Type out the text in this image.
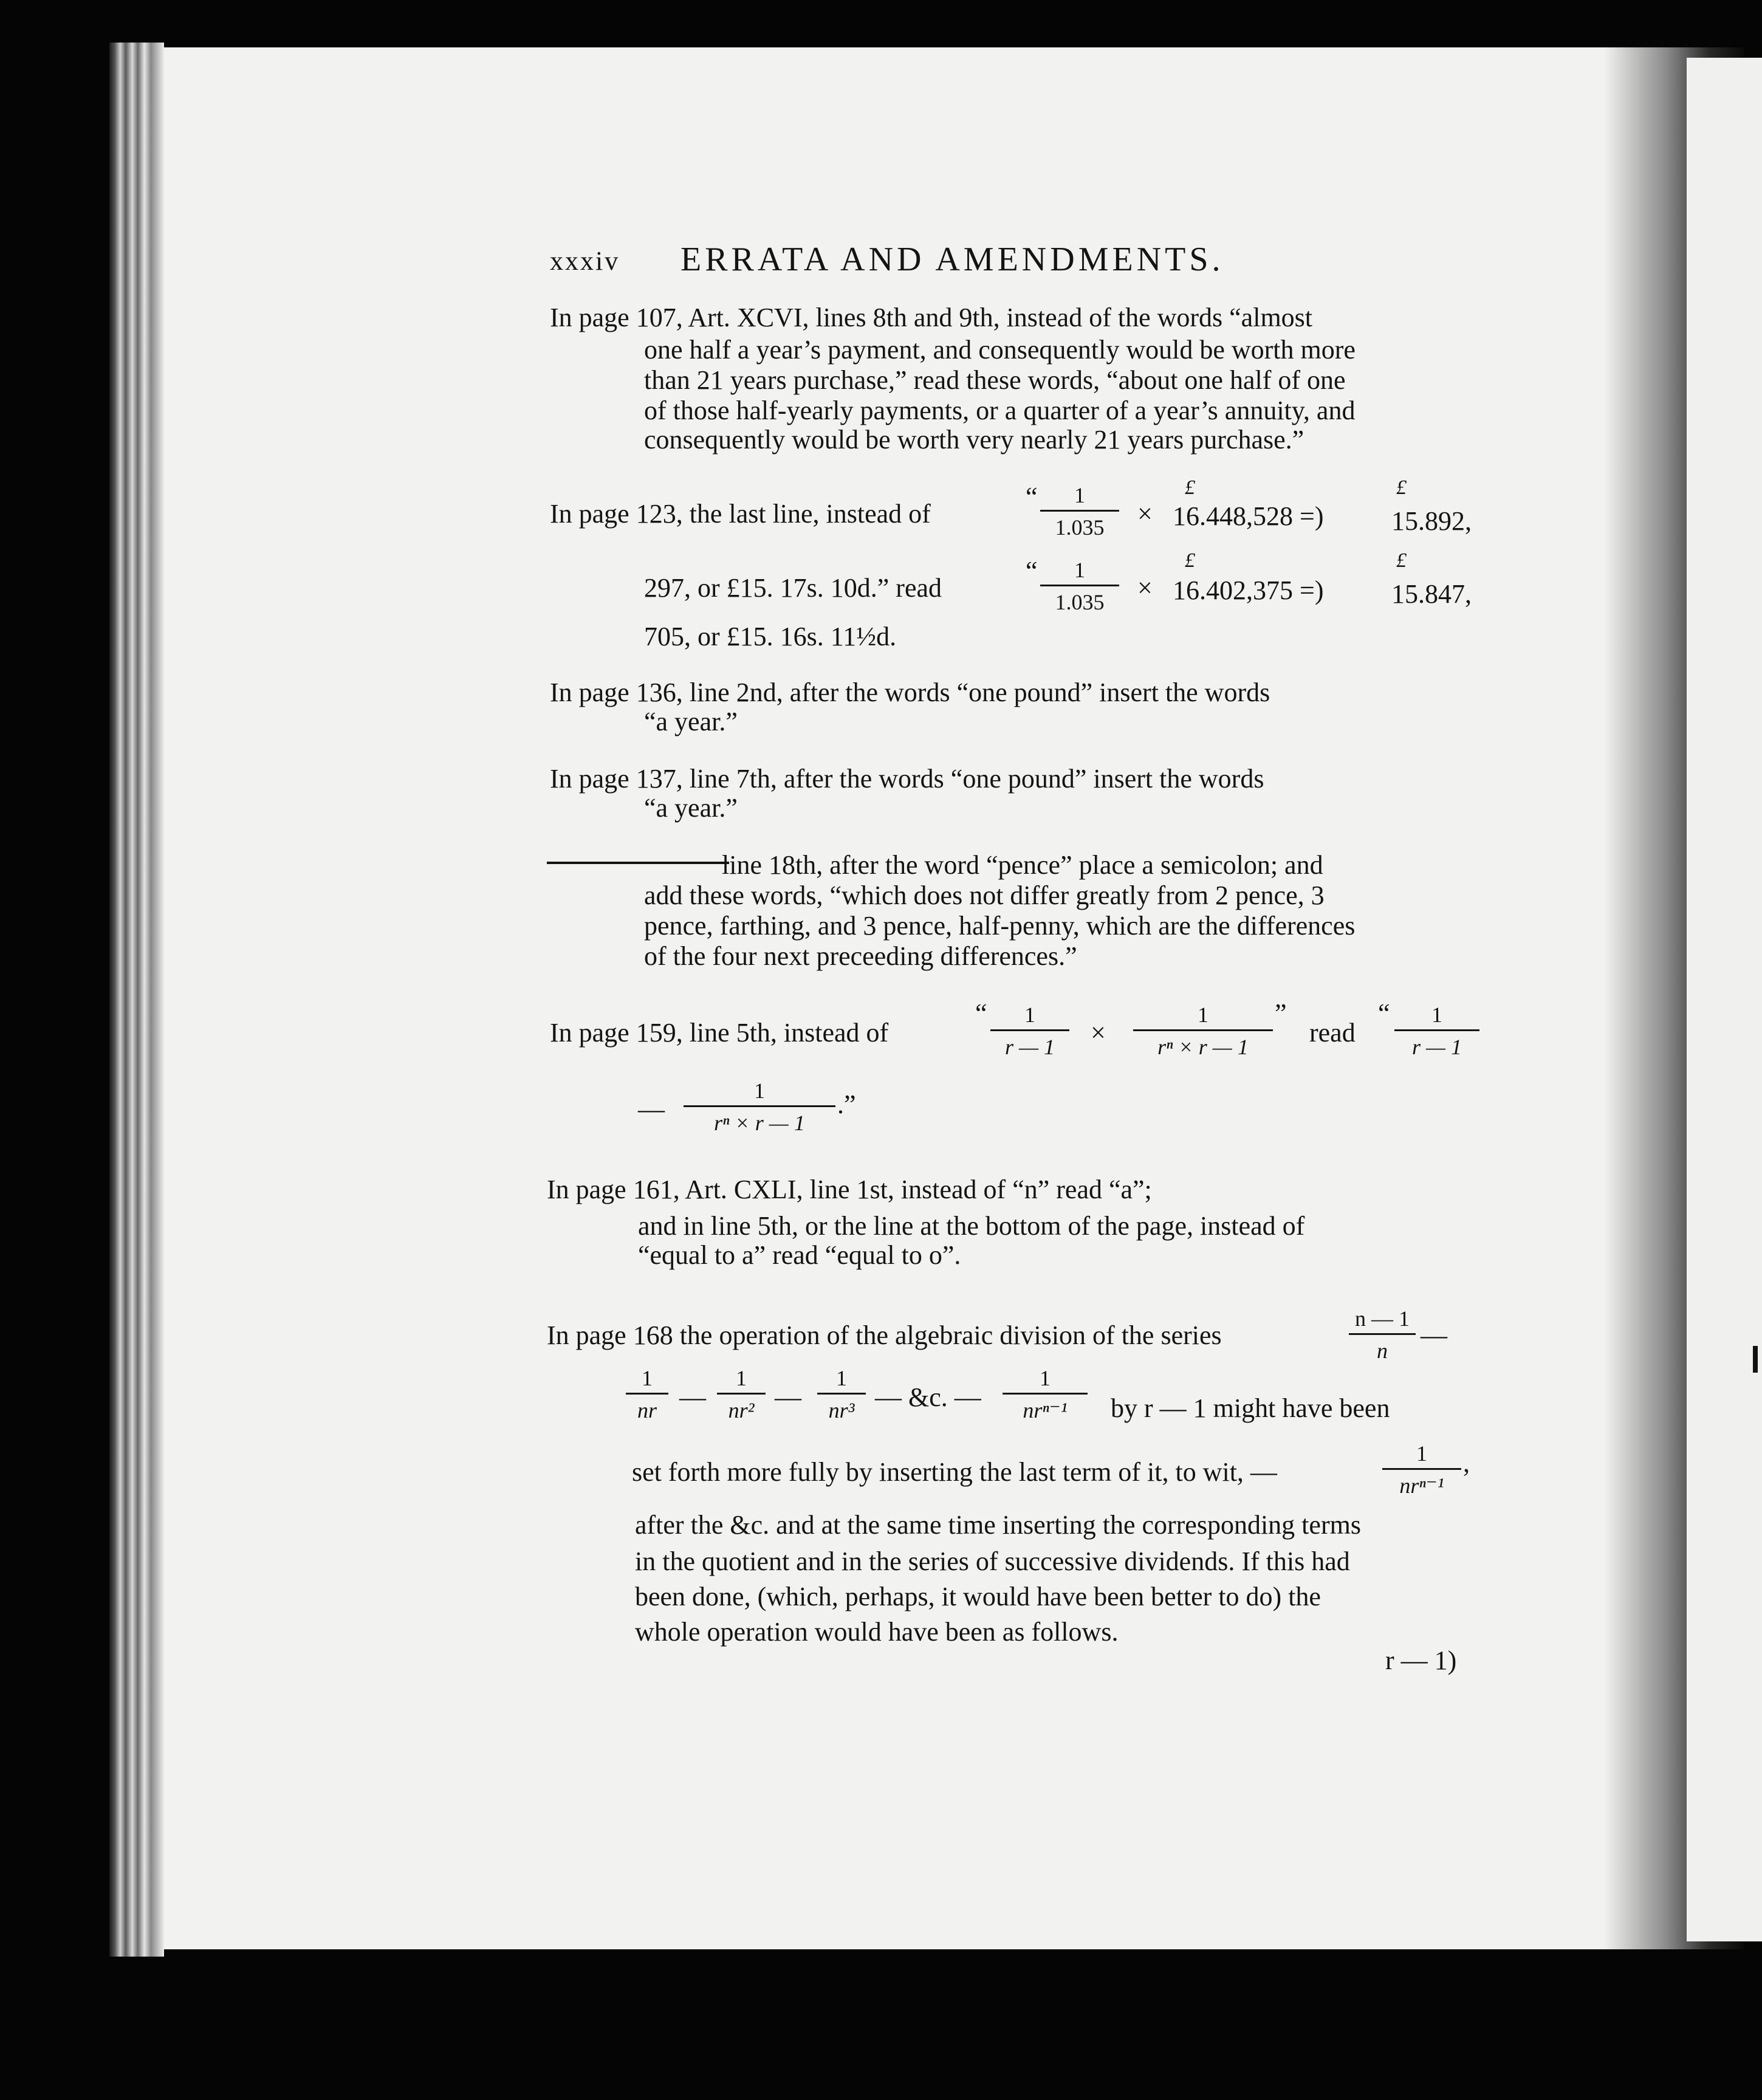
xxxiv ERRATA AND AMENDMENTS.
In page 107, Art. XCVI, lines 8th and 9th, instead of the words “almost
one half a year’s payment, and consequently would be worth more
than 21 years purchase,” read these words, “about one half of one
of those half-yearly payments, or a quarter of a year’s annuity, and
consequently would be worth very nearly 21 years purchase.”
In page 123, the last line, instead of
“ $\frac{1}{1.035}$ ×
£
16.448,528 =)
£
15.892,
297, or £15. 17s. 10d.” read
“ $\frac{1}{1.035}$ ×
£
16.402,375 =)
£
15.847,
705, or £15. 16s. 11½d.
In page 136, line 2nd, after the words “one pound” insert the words
“a year.”
In page 137, line 7th, after the words “one pound” insert the words
“a year.”
line 18th, after the word “pence” place a semicolon; and
add these words, “which does not differ greatly from 2 pence, 3
pence, farthing, and 3 pence, half-penny, which are the differences
of the four next preceeding differences.”
In page 159, line 5th, instead of
“ $\frac{1}{r — 1} \times \frac{1}{\text{rⁿ × r — 1}}$ ”
read
“ $\frac{1}{r — 1}$
— $\frac{1}{\text{rⁿ × r — 1}}$ .”
In page 161, Art. CXLI, line 1st, instead of “n” read “a”;
and in line 5th, or the line at the bottom of the page, instead of
“equal to a” read “equal to o”.
In page 168 the operation of the algebraic division of the series	$\frac{n — 1}{n}$ —
$\frac{1}{nr}$ — $\frac{1}{\text{nr²}}$ — $\frac{1}{\text{nr³}}$ — &c. —
1
nrⁿ⁻¹	by r — 1 might have been
set forth more fully by inserting the last term of it, to wit, —
1
nrⁿ⁻¹
,
after the &c. and at the same time inserting the corresponding terms
in the quotient and in the series of successive dividends. If this had
been done, (which, perhaps, it would have been better to do) the
whole operation would have been as follows.
r — 1)
